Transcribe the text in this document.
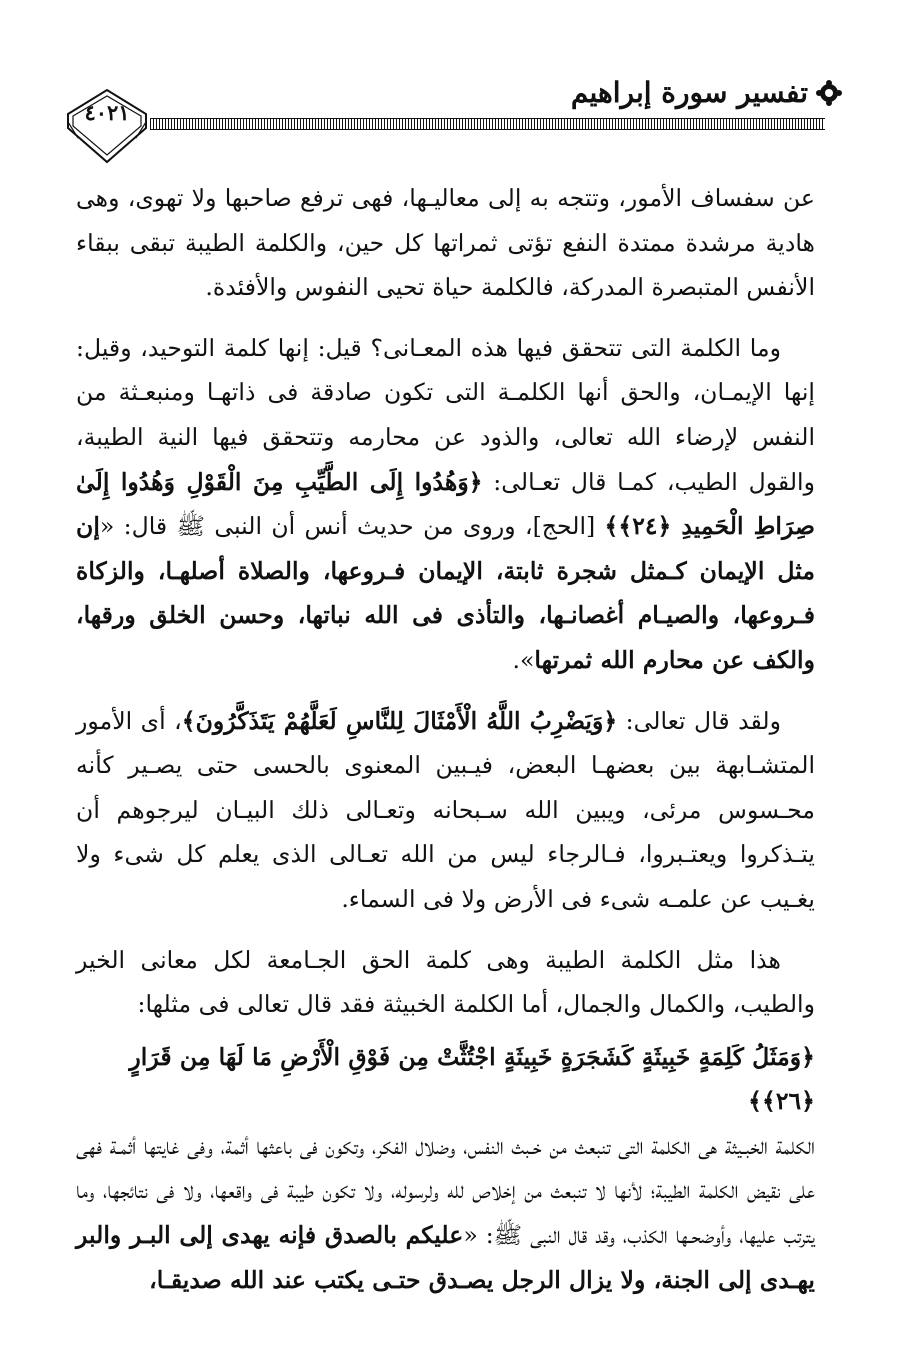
تفسير سورة إبراهيم
٤٠٢١

عن سفساف الأمور، وتتجه به إلى معاليـها، فهى ترفع صاحبها ولا تهوى، وهى هادية مرشدة ممتدة النفع تؤتى ثمراتها كل حين، والكلمة الطيبة تبقى ببقاء الأنفس المتبصرة المدركة، فالكلمة حياة تحيى النفوس والأفئدة.

وما الكلمة التى تتحقق فيها هذه المعـانى؟ قيل: إنها كلمة التوحيد، وقيل: إنها الإيمـان، والحق أنها الكلمـة التى تكون صادقة فى ذاتهـا ومنبعـثة من النفس لإرضاء الله تعالى، والذود عن محارمه وتتحقق فيها النية الطيبة، والقول الطيب، كمـا قال تعـالى: ﴿وَهُدُوا إِلَى الطَّيِّبِ مِنَ الْقَوْلِ وَهُدُوا إِلَىٰ صِرَاطِ الْحَمِيدِ ﴿٢٤﴾﴾ [الحج]، وروى من حديث أنس أن النبى ﷺ قال: «إن مثل الإيمان كـمثل شجرة ثابتة، الإيمان فـروعها، والصلاة أصلهـا، والزكاة فـروعها، والصيـام أغصانـها، والتأذى فى الله نباتها، وحسن الخلق ورقها، والكف عن محارم الله ثمرتها».

ولقد قال تعالى: ﴿وَيَضْرِبُ اللَّهُ الْأَمْثَالَ لِلنَّاسِ لَعَلَّهُمْ يَتَذَكَّرُونَ﴾، أى الأمور المتشـابهة بين بعضهـا البعض، فيـبين المعنوى بالحسى حتى يصـير كأنه محـسوس مرئى، ويبين الله سـبحانه وتعـالى ذلك البيـان ليرجوهم أن يتـذكروا ويعتـبروا، فـالرجاء ليس من الله تعـالى الذى يعلم كل شىء ولا يغـيب عن علمـه شىء فى الأرض ولا فى السماء.

هذا مثل الكلمة الطيبة وهى كلمة الحق الجـامعة لكل معانى الخير والطيب، والكمال والجمال، أما الكلمة الخبيثة فقد قال تعالى فى مثلها:

﴿وَمَثَلُ كَلِمَةٍ خَبِيثَةٍ كَشَجَرَةٍ خَبِيثَةٍ اجْتُثَّتْ مِن فَوْقِ الْأَرْضِ مَا لَهَا مِن قَرَارٍ ﴿٢٦﴾﴾

الكلمة الخبـيثة هى الكلمة التى تنبعث من خـبث النفس، وضلال الفكر، وتكون فى باعثها أثمة، وفى غايتها أثمـة فهى على نقيض الكلمة الطيبة؛ لأنها لا تنبعث من إخلاص لله ولرسوله، ولا تكون طيبة فى واقعها، ولا فى نتائجها، وما يترتب عليها، وأوضحـها الكذب، وقد قال النبى ﷺ: «عليكم بالصدق فإنه يهدى إلى البـر والبر يهـدى إلى الجنة، ولا يزال الرجل يصـدق حتـى يكتب عند الله صديقـا،
